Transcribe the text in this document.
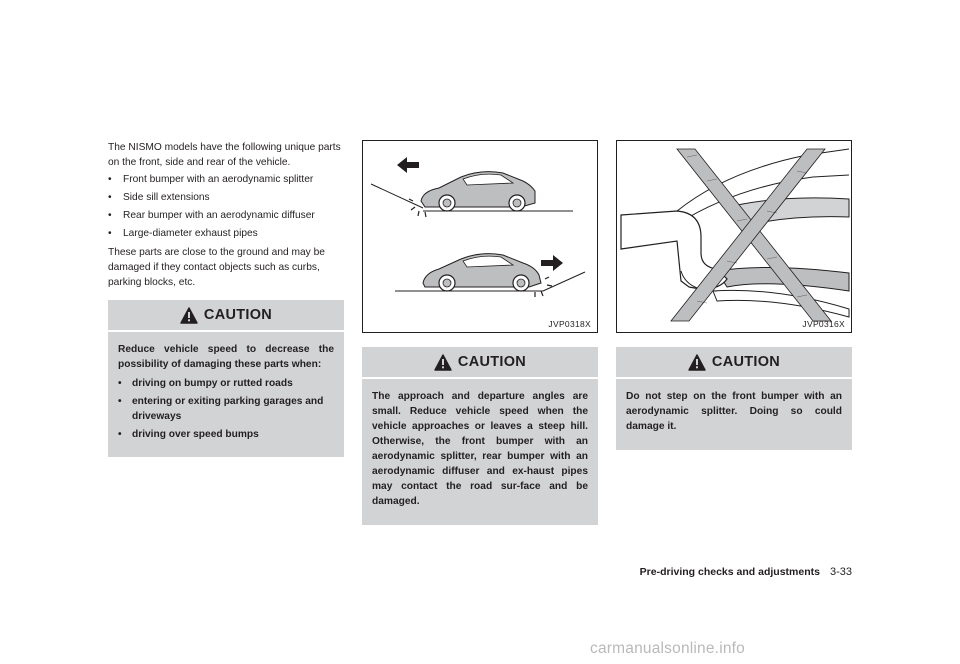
The NISMO models have the following unique parts on the front, side and rear of the vehicle.

• Front bumper with an aerodynamic splitter
• Side sill extensions
• Rear bumper with an aerodynamic diffuser
• Large-diameter exhaust pipes

These parts are close to the ground and may be damaged if they contact objects such as curbs, parking blocks, etc.

CAUTION

Reduce vehicle speed to decrease the possibility of damaging these parts when:

• driving on bumpy or rutted roads
• entering or exiting parking garages and driveways
• driving over speed bumps
JVP0318X
CAUTION

The approach and departure angles are small. Reduce vehicle speed when the vehicle approaches or leaves a steep hill. Otherwise, the front bumper with an aerodynamic splitter, rear bumper with an aerodynamic diffuser and ex-haust pipes may contact the road sur-face and be damaged.

JVP0316X
CAUTION

Do not step on the front bumper with an aerodynamic splitter. Doing so could damage it.

Pre-driving checks and adjustments 3-33
carmanualsonline.info
